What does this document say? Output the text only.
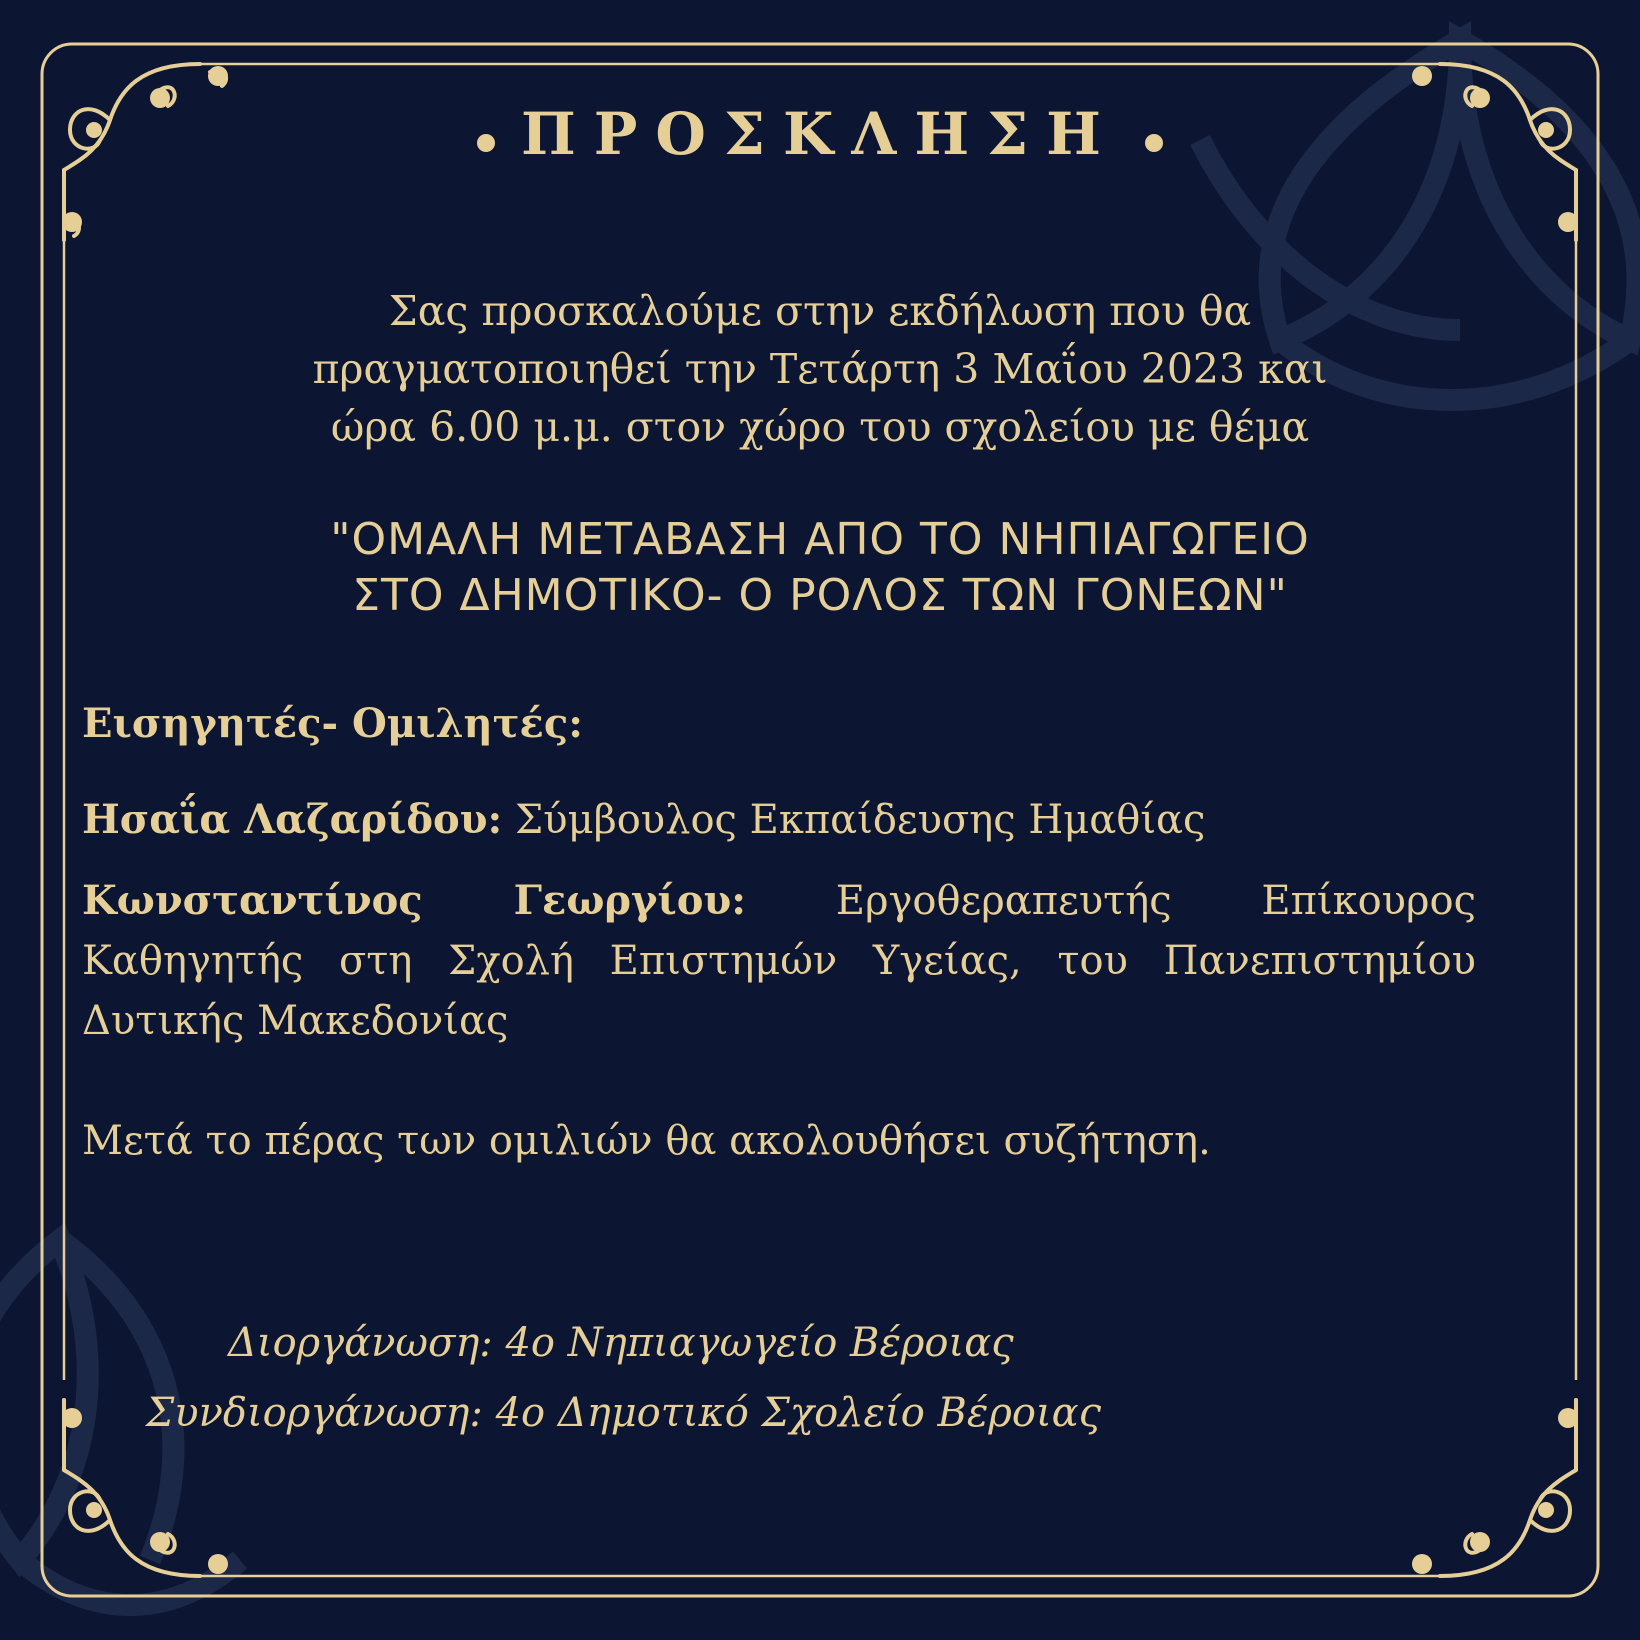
ΠΡΟΣΚΛΗΣΗ
Σας προσκαλούμε στην εκδήλωση που θα
πραγματοποιηθεί την Τετάρτη 3 Μαΐου 2023 και
ώρα 6.00 μ.μ. στον χώρο του σχολείου με θέμα
"ΟΜΑΛΗ ΜΕΤΑΒΑΣΗ ΑΠΟ ΤΟ ΝΗΠΙΑΓΩΓΕΙΟ
ΣΤΟ ΔΗΜΟΤΙΚΟ- Ο ΡΟΛΟΣ ΤΩΝ ΓΟΝΕΩΝ"
Εισηγητές- Ομιλητές:
Ησαΐα Λαζαρίδου: Σύμβουλος Εκπαίδευσης Ημαθίας
Κωνσταντίνος Γεωργίου: Εργοθεραπευτής Επίκουρος Καθηγητής στη Σχολή Επιστημών Υγείας, του Πανεπιστημίου Δυτικής Μακεδονίας
Μετά το πέρας των ομιλιών θα ακολουθήσει συζήτηση.
Διοργάνωση: 4ο Νηπιαγωγείο Βέροιας
Συνδιοργάνωση: 4ο Δημοτικό Σχολείο Βέροιας
